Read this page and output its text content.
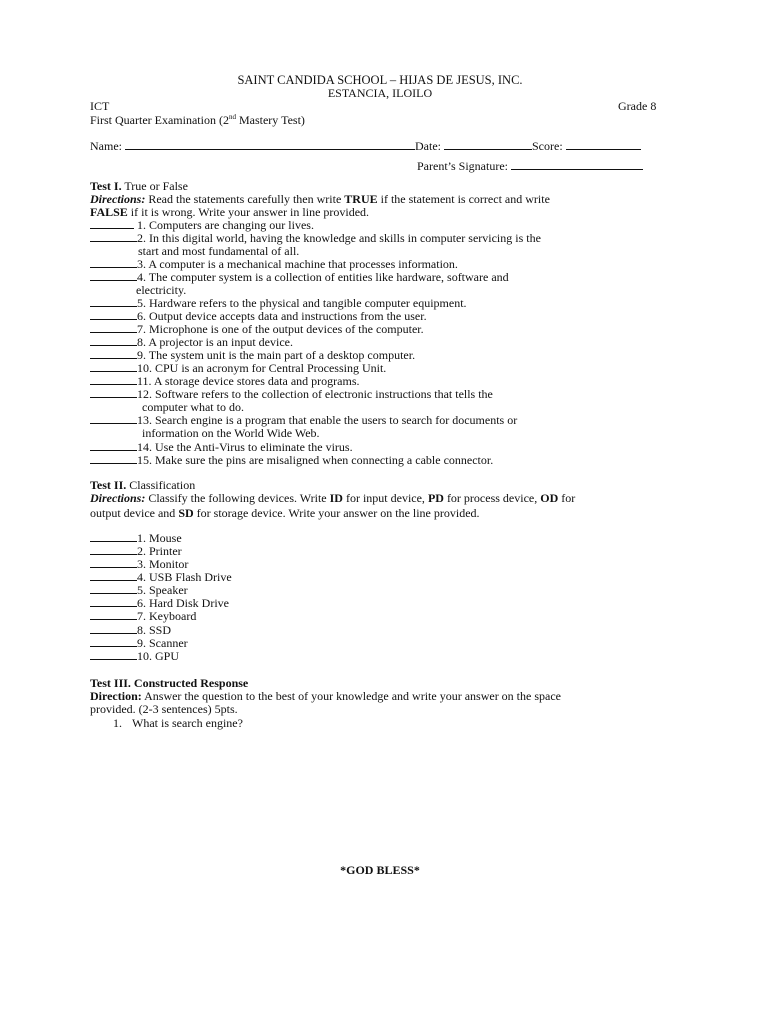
SAINT CANDIDA SCHOOL – HIJAS DE JESUS, INC.
ESTANCIA, ILOILO
ICT	Grade 8
First Quarter Examination (2nd Mastery Test)
Name:	Date:	Score:
Parent’s Signature:
Test I. True or False
Directions: Read the statements carefully then write TRUE if the statement is correct and write
FALSE if it is wrong. Write your answer in line provided.
1. Computers are changing our lives.
2. In this digital world, having the knowledge and skills in computer servicing is the
start and most fundamental of all.
3. A computer is a mechanical machine that processes information.
4. The computer system is a collection of entities like hardware, software and
electricity.
5. Hardware refers to the physical and tangible computer equipment.
6. Output device accepts data and instructions from the user.
7. Microphone is one of the output devices of the computer.
8. A projector is an input device.
9. The system unit is the main part of a desktop computer.
10. CPU is an acronym for Central Processing Unit.
11. A storage device stores data and programs.
12. Software refers to the collection of electronic instructions that tells the
computer what to do.
13. Search engine is a program that enable the users to search for documents or
information on the World Wide Web.
14. Use the Anti-Virus to eliminate the virus.
15. Make sure the pins are misaligned when connecting a cable connector.
Test II. Classification
Directions: Classify the following devices. Write ID for input device, PD for process device, OD for
output device and SD for storage device. Write your answer on the line provided.
1. Mouse
2. Printer
3. Monitor
4. USB Flash Drive
5. Speaker
6. Hard Disk Drive
7. Keyboard
8. SSD
9. Scanner
10. GPU
Test III. Constructed Response
Direction: Answer the question to the best of your knowledge and write your answer on the space
provided. (2-3 sentences) 5pts.
1. What is search engine?
*GOD BLESS*
